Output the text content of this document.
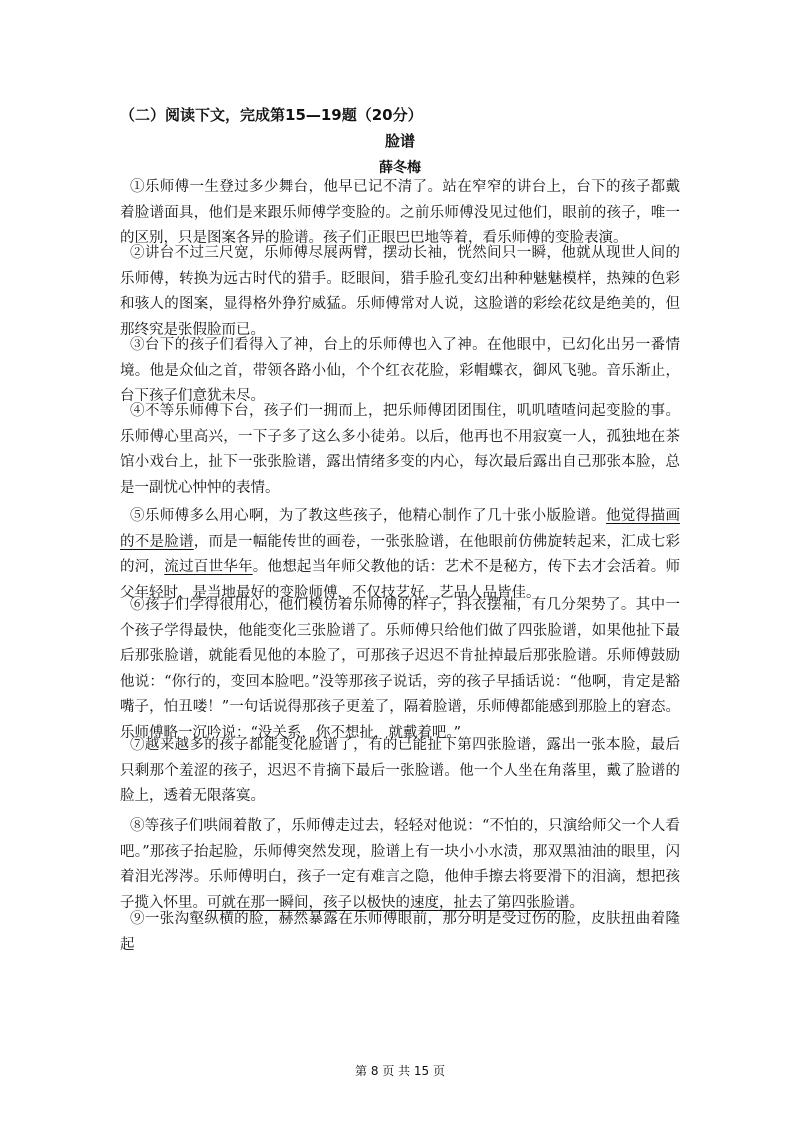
（二）阅读下文，完成第15—19题（20分）
脸谱
薛冬梅
①乐师傅一生登过多少舞台，他早已记不清了。站在窄窄的讲台上，台下的孩子都戴着脸谱面具，他们是来跟乐师傅学变脸的。之前乐师傅没见过他们，眼前的孩子，唯一的区别，只是图案各异的脸谱。孩子们正眼巴巴地等着，看乐师傅的变脸表演。
②讲台不过三尺宽，乐师傅尽展两臂，摆动长袖，恍然间只一瞬，他就从现世人间的乐师傅，转换为远古时代的猎手。眨眼间，猎手脸孔变幻出种种魅魅模样，热辣的色彩和骇人的图案，显得格外狰狞威猛。乐师傅常对人说，这脸谱的彩绘花纹是绝美的，但那终究是张假脸而已。
③台下的孩子们看得入了神，台上的乐师傅也入了神。在他眼中，已幻化出另一番情境。他是众仙之首，带领各路小仙，个个红衣花脸，彩帽蝶衣，御风飞驰。音乐渐止，台下孩子们意犹未尽。
④不等乐师傅下台，孩子们一拥而上，把乐师傅团团围住，叽叽喳喳问起变脸的事。乐师傅心里高兴，一下子多了这么多小徒弟。以后，他再也不用寂寞一人，孤独地在茶馆小戏台上，扯下一张张脸谱，露出情绪多变的内心，每次最后露出自己那张本脸，总是一副忧心忡忡的表情。
⑤乐师傅多么用心啊，为了教这些孩子，他精心制作了几十张小版脸谱。他觉得描画的不是脸谱，而是一幅能传世的画卷，一张张脸谱，在他眼前仿佛旋转起来，汇成七彩的河，流过百世华年。他想起当年师父教他的话：艺术不是秘方，传下去才会活着。师父年轻时，是当地最好的变脸师傅，不仅技艺好，艺品人品皆佳。
⑥孩子们学得很用心，他们模仿着乐师傅的样子，抖衣摆袖，有几分架势了。其中一个孩子学得最快，他能变化三张脸谱了。乐师傅只给他们做了四张脸谱，如果他扯下最后那张脸谱，就能看见他的本脸了，可那孩子迟迟不肯扯掉最后那张脸谱。乐师傅鼓励他说：“你行的，变回本脸吧。”没等那孩子说话，旁的孩子早插话说：“他啊，肯定是豁嘴子，怕丑喽！”一句话说得那孩子更羞了，隔着脸谱，乐师傅都能感到那脸上的窘态。乐师傅略一沉吟说：“没关系，你不想扯，就戴着吧。”
⑦越来越多的孩子都能变化脸谱了，有的已能扯下第四张脸谱，露出一张本脸，最后只剩那个羞涩的孩子，迟迟不肯摘下最后一张脸谱。他一个人坐在角落里，戴了脸谱的脸上，透着无限落寞。
⑧等孩子们哄闹着散了，乐师傅走过去，轻轻对他说：“不怕的，只演给师父一个人看吧。”那孩子抬起脸，乐师傅突然发现，脸谱上有一块小小水渍，那双黑油油的眼里，闪着泪光涔涔。乐师傅明白，孩子一定有难言之隐，他伸手擦去将要滑下的泪滴，想把孩子揽入怀里。可就在那一瞬间，孩子以极快的速度，扯去了第四张脸谱。
⑨一张沟壑纵横的脸，赫然暴露在乐师傅眼前，那分明是受过伤的脸，皮肤扭曲着隆起
第 8 页 共 15 页
